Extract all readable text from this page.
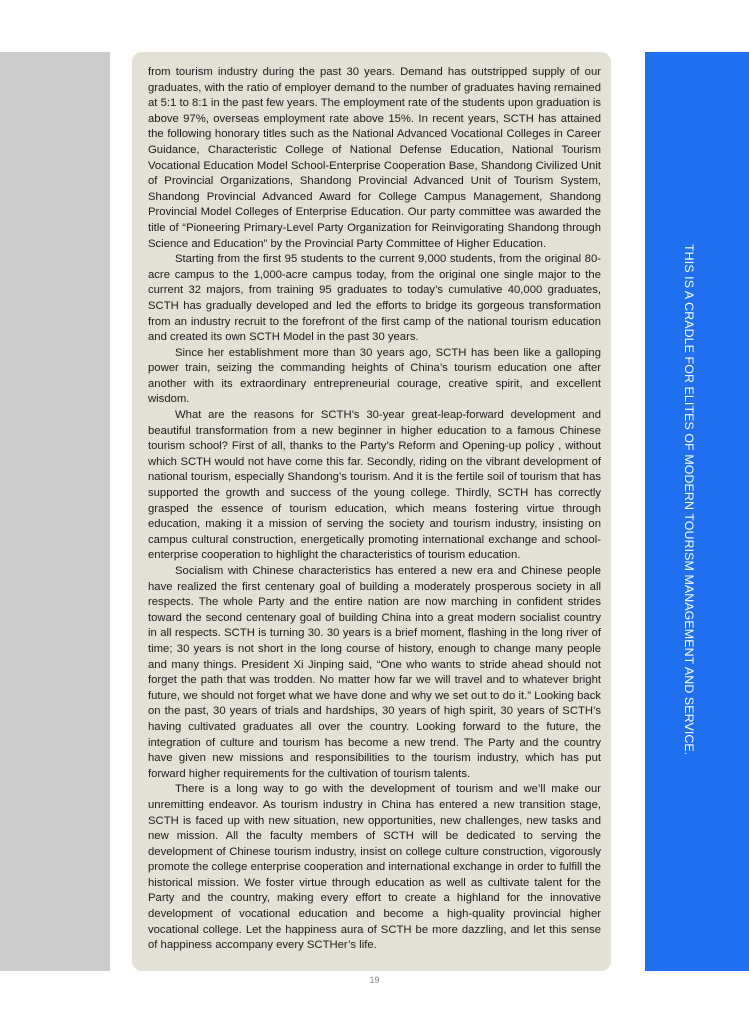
from tourism industry during the past 30 years. Demand has outstripped supply of our graduates, with the ratio of employer demand to the number of graduates having remained at 5:1 to 8:1 in the past few years. The employment rate of the students upon graduation is above 97%, overseas employment rate above 15%. In recent years, SCTH has attained the following honorary titles such as the National Advanced Vocational Colleges in Career Guidance, Characteristic College of National Defense Education, National Tourism Vocational Education Model School-Enterprise Cooperation Base, Shandong Civilized Unit of Provincial Organizations, Shandong Provincial Advanced Unit of Tourism System, Shandong Provincial Advanced Award for College Campus Management, Shandong Provincial Model Colleges of Enterprise Education. Our party committee was awarded the title of “Pioneering Primary-Level Party Organization for Reinvigorating Shandong through Science and Education” by the Provincial Party Committee of Higher Education.

Starting from the first 95 students to the current 9,000 students, from the original 80-acre campus to the 1,000-acre campus today, from the original one single major to the current 32 majors, from training 95 graduates to today’s cumulative 40,000 graduates, SCTH has gradually developed and led the efforts to bridge its gorgeous transformation from an industry recruit to the forefront of the first camp of the national tourism education and created its own SCTH Model in the past 30 years.

Since her establishment more than 30 years ago, SCTH has been like a galloping power train, seizing the commanding heights of China’s tourism education one after another with its extraordinary entrepreneurial courage, creative spirit, and excellent wisdom.

What are the reasons for SCTH’s 30-year great-leap-forward development and beautiful transformation from a new beginner in higher education to a famous Chinese tourism school? First of all, thanks to the Party’s Reform and Opening-up policy , without which SCTH would not have come this far. Secondly, riding on the vibrant development of national tourism, especially Shandong’s tourism. And it is the fertile soil of tourism that has supported the growth and success of the young college. Thirdly, SCTH has correctly grasped the essence of tourism education, which means fostering virtue through education, making it a mission of serving the society and tourism industry, insisting on campus cultural construction, energetically promoting international exchange and school-enterprise cooperation to highlight the characteristics of tourism education.

Socialism with Chinese characteristics has entered a new era and Chinese people have realized the first centenary goal of building a moderately prosperous society in all respects. The whole Party and the entire nation are now marching in confident strides toward the second centenary goal of building China into a great modern socialist country in all respects. SCTH is turning 30. 30 years is a brief moment, flashing in the long river of time; 30 years is not short in the long course of history, enough to change many people and many things. President Xi Jinping said, “One who wants to stride ahead should not forget the path that was trodden. No matter how far we will travel and to whatever bright future, we should not forget what we have done and why we set out to do it.” Looking back on the past, 30 years of trials and hardships, 30 years of high spirit, 30 years of SCTH’s having cultivated graduates all over the country. Looking forward to the future, the integration of culture and tourism has become a new trend. The Party and the country have given new missions and responsibilities to the tourism industry, which has put forward higher requirements for the cultivation of tourism talents.

There is a long way to go with the development of tourism and we’ll make our unremitting endeavor. As tourism industry in China has entered a new transition stage, SCTH is faced up with new situation, new opportunities, new challenges, new tasks and new mission. All the faculty members of SCTH will be dedicated to serving the development of Chinese tourism industry, insist on college culture construction, vigorously promote the college enterprise cooperation and international exchange in order to fulfill the historical mission. We foster virtue through education as well as cultivate talent for the Party and the country, making every effort to create a highland for the innovative development of vocational education and become a high-quality provincial higher vocational college. Let the happiness aura of SCTH be more dazzling, and let this sense of happiness accompany every SCTHer’s life.

THIS IS A CRADLE FOR ELITES OF MODERN TOURISM MANAGEMENT AND SERVICE.

19
